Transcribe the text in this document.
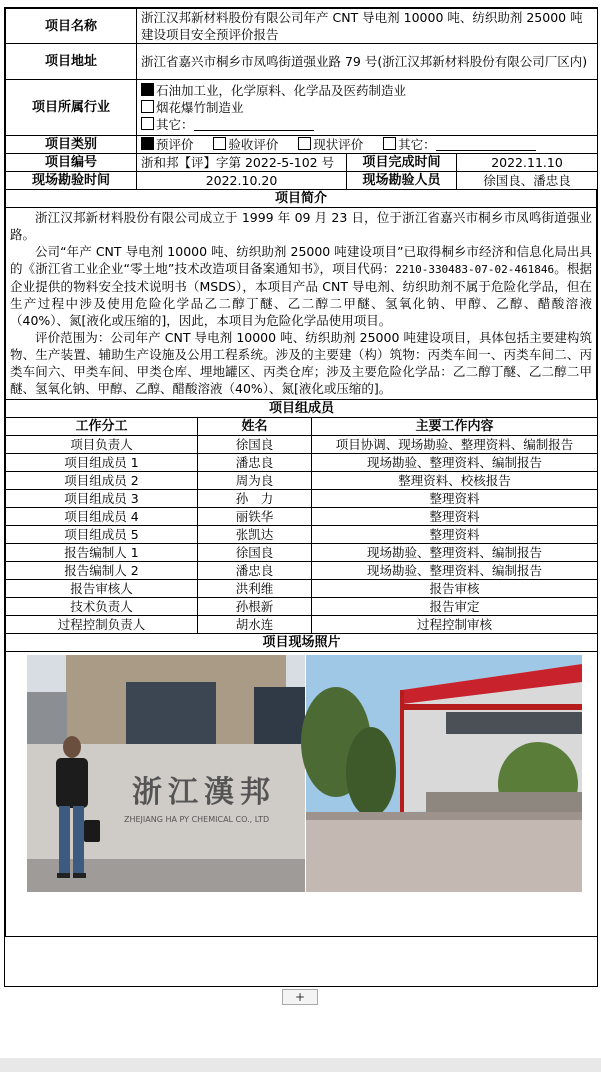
项目名称	浙江汉邦新材料股份有限公司年产 CNT 导电剂 10000 吨、纺织助剂 25000 吨建设项目安全预评价报告		
项目地址	浙江省嘉兴市桐乡市凤鸣街道强业路 79 号(浙江汉邦新材料股份有限公司厂区内)		
项目所属行业	石油加工业，化学原料、化学品及医药制造业
烟花爆竹制造业
其它：		

项目类别	预评价 验收评价 现状评价 其它：		
项目编号	浙和邦【评】字第 2022-5-102 号	项目完成时间	2022.11.10
现场勘验时间	2022.10.20	现场勘验人员	徐国良、潘忠良
项目简介

浙江汉邦新材料股份有限公司成立于 1999 年 09 月 23 日，位于浙江省嘉兴市桐乡市凤鸣街道强业路。

公司“年产 CNT 导电剂 10000 吨、纺织助剂 25000 吨建设项目”已取得桐乡市经济和信息化局出具的《浙江省工业企业“零土地”技术改造项目备案通知书》，项目代码：2210-330483-07-02-461846。根据企业提供的物料安全技术说明书（MSDS），本项目产品 CNT 导电剂、纺织助剂不属于危险化学品，但在生产过程中涉及使用危险化学品乙二醇丁醚、乙二醇二甲醚、氢氧化钠、甲醇、乙醇、醋酸溶液（40%）、氮[液化或压缩的]，因此，本项目为危险化学品使用项目。

评价范围为：公司年产 CNT 导电剂 10000 吨、纺织助剂 25000 吨建设项目，具体包括主要建构筑物、生产装置、辅助生产设施及公用工程系统。涉及的主要建（构）筑物：丙类车间一、丙类车间二、丙类车间六、甲类车间、甲类仓库、埋地罐区、丙类仓库；涉及主要危险化学品：乙二醇丁醚、乙二醇二甲醚、氢氧化钠、甲醇、乙醇、醋酸溶液（40%）、氮[液化或压缩的]。

项目组成员		
工作分工	姓名	主要工作内容
项目负责人	徐国良	项目协调、现场勘验、整理资料、编制报告
项目组成员 1	潘忠良	现场勘验、整理资料、编制报告
项目组成员 2	周为良	整理资料、校核报告
项目组成员 3	孙　力	整理资料
项目组成员 4	丽铁华	整理资料
项目组成员 5	张凯达	整理资料
报告编制人 1	徐国良	现场勘验、整理资料、编制报告
报告编制人 2	潘忠良	现场勘验、整理资料、编制报告
报告审核人	洪利维	报告审核
技术负责人	孙根新	报告审定
过程控制负责人	胡水连	过程控制审核
项目现场照片		

浙江漢邦
ZHEJIANG HA PY CHEMICAL CO., LTD		
+
